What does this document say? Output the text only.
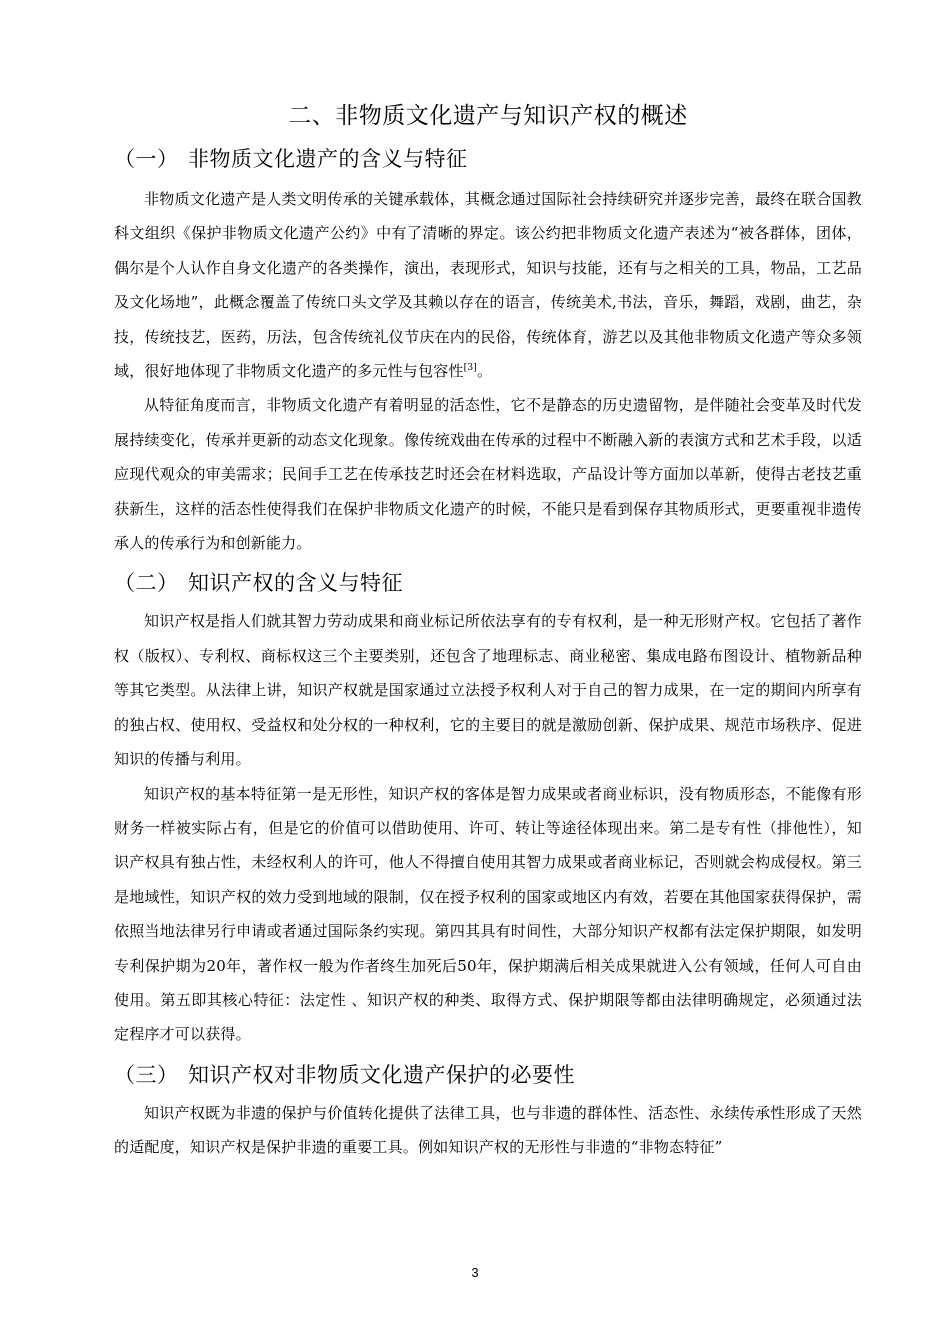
二、非物质文化遗产与知识产权的概述
（一） 非物质文化遗产的含义与特征

非物质文化遗产是人类文明传承的关键承载体，其概念通过国际社会持续研究并逐步完善，最终在联合国教科文组织《保护非物质文化遗产公约》中有了清晰的界定。该公约把非物质文化遗产表述为“被各群体，团体，偶尔是个人认作自身文化遗产的各类操作，演出，表现形式，知识与技能，还有与之相关的工具，物品，工艺品及文化场地”，此概念覆盖了传统口头文学及其赖以存在的语言，传统美术,书法，音乐，舞蹈，戏剧，曲艺，杂技，传统技艺，医药，历法，包含传统礼仪节庆在内的民俗，传统体育，游艺以及其他非物质文化遗产等众多领域，很好地体现了非物质文化遗产的多元性与包容性[3]。

从特征角度而言，非物质文化遗产有着明显的活态性，它不是静态的历史遗留物，是伴随社会变革及时代发展持续变化，传承并更新的动态文化现象。像传统戏曲在传承的过程中不断融入新的表演方式和艺术手段，以适应现代观众的审美需求；民间手工艺在传承技艺时还会在材料选取，产品设计等方面加以革新，使得古老技艺重获新生，这样的活态性使得我们在保护非物质文化遗产的时候，不能只是看到保存其物质形式，更要重视非遗传承人的传承行为和创新能力。

（二） 知识产权的含义与特征

知识产权是指人们就其智力劳动成果和商业标记所依法享有的专有权利，是一种无形财产权。它包括了著作权（版权）、专利权、商标权这三个主要类别，还包含了地理标志、商业秘密、集成电路布图设计、植物新品种等其它类型。从法律上讲，知识产权就是国家通过立法授予权利人对于自己的智力成果，在一定的期间内所享有的独占权、使用权、受益权和处分权的一种权利，它的主要目的就是激励创新、保护成果、规范市场秩序、促进知识的传播与利用。

知识产权的基本特征第一是无形性，知识产权的客体是智力成果或者商业标识，没有物质形态，不能像有形财务一样被实际占有，但是它的价值可以借助使用、许可、转让等途径体现出来。第二是专有性（排他性），知识产权具有独占性，未经权利人的许可，他人不得擅自使用其智力成果或者商业标记，否则就会构成侵权。第三是地域性，知识产权的效力受到地域的限制，仅在授予权利的国家或地区内有效，若要在其他国家获得保护，需依照当地法律另行申请或者通过国际条约实现。第四其具有时间性，大部分知识产权都有法定保护期限，如发明专利保护期为20年，著作权一般为作者终生加死后50年，保护期满后相关成果就进入公有领域，任何人可自由使用。第五即其核心特征：法定性 、知识产权的种类、取得方式、保护期限等都由法律明确规定，必须通过法定程序才可以获得。

（三） 知识产权对非物质文化遗产保护的必要性

知识产权既为非遗的保护与价值转化提供了法律工具，也与非遗的群体性、活态性、永续传承性形成了天然的适配度，知识产权是保护非遗的重要工具。例如知识产权的无形性与非遗的“非物态特征”

3
